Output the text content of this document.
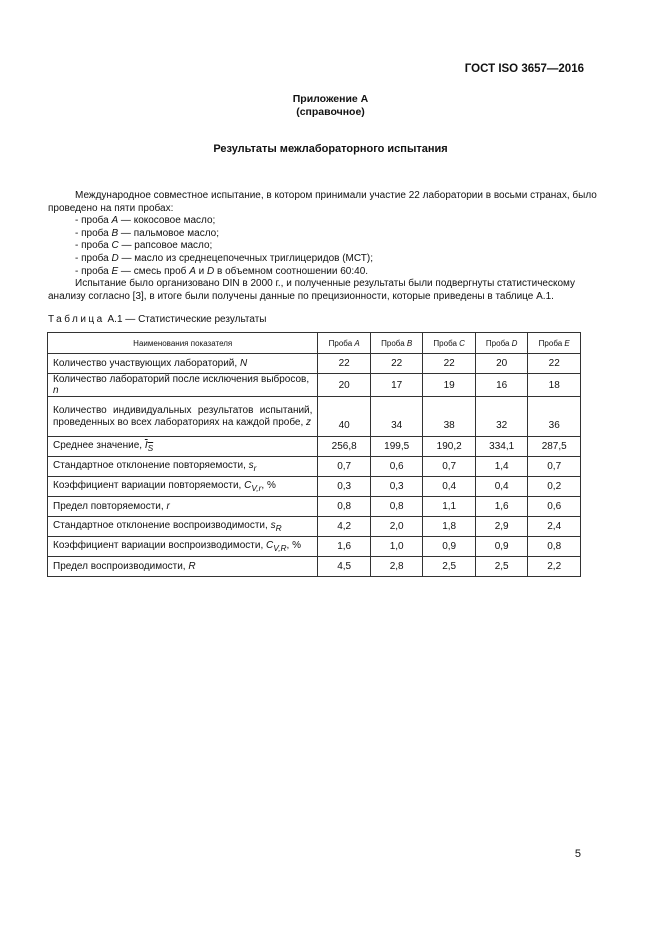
ГОСТ ISO 3657—2016
Приложение А
(справочное)
Результаты межлабораторного испытания

Международное совместное испытание, в котором принимали участие 22 лаборатории в восьми странах, было проведено на пяти пробах:

- проба A — кокосовое масло;

- проба B — пальмовое масло;

- проба C — рапсовое масло;

- проба D — масло из среднецепочечных триглицеридов (МСТ);

- проба E — смесь проб A и D в объемном соотношении 60:40.

Испытание было организовано DIN в 2000 г., и полученные результаты были подвергнуты статистическому анализу согласно [3], в итоге были получены данные по прецизионности, которые приведены в таблице А.1.

Таблица А.1 — Статистические результаты
Наименования показателя	Проба A	Проба B	Проба C	Проба D	Проба E
Количество участвующих лабораторий, N	22	22	22	20	22
Количество лабораторий после исключения выбросов, n	20	17	19	16	18

Количество индивидуальных результатов испытаний,
проведенных во всех лабораториях на каждой пробе, z	40	34	38	32	36
Среднее значение, $I_S$	256,8	199,5	190,2	334,1	287,5
Стандартное отклонение повторяемости, $s_r$	0,7	0,6	0,7	1,4	0,7
Коэффициент вариации повторяемости, $C_{V,r}$, %	0,3	0,3	0,4	0,4	0,2
Предел повторяемости, r	0,8	0,8	1,1	1,6	0,6
Стандартное отклонение воспроизводимости, $s_R$	4,2	2,0	1,8	2,9	2,4
Коэффициент вариации воспроизводимости, $C_{V,R}$, %	1,6	1,0	0,9	0,9	0,8
Предел воспроизводимости, R	4,5	2,8	2,5	2,5	2,2
5
